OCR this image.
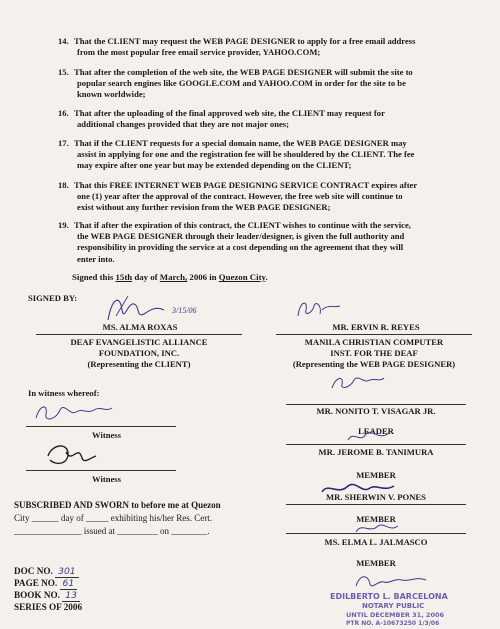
14. That the CLIENT may request the WEB PAGE DESIGNER to apply for a free email address
from the most popular free email service provider, YAHOO.COM;
15. That after the completion of the web site, the WEB PAGE DESIGNER will submit the site to
popular search engines like GOOGLE.COM and YAHOO.COM in order for the site to be
known worldwide;
16. That after the uploading of the final approved web site, the CLIENT may request for
additional changes provided that they are not major ones;
17. That if the CLIENT requests for a special domain name, the WEB PAGE DESIGNER may
assist in applying for one and the registration fee will be shouldered by the CLIENT. The fee
may expire after one year but may be extended depending on the CLIENT;
18. That this FREE INTERNET WEB PAGE DESIGNING SERVICE CONTRACT expires after
one (1) year after the approval of the contract. However, the free web site will continue to
exist without any further revision from the WEB PAGE DESIGNER;
19. That if after the expiration of this contract, the CLIENT wishes to continue with the service,
the WEB PAGE DESIGNER through their leader/designer, is given the full authority and
responsibility in providing the service at a cost depending on the agreement that they will
enter into.
Signed this 15th day of March, 2006 in Quezon City.
SIGNED BY:
3/15/06
MS. ALMA ROXAS
DEAF EVANGELISTIC ALLIANCE
FOUNDATION, INC.
(Representing the CLIENT)
MR. ERVIN R. REYES
MANILA CHRISTIAN COMPUTER
INST. FOR THE DEAF
(Representing the WEB PAGE DESIGNER)
In witness whereof:
Witness
Witness
MR. NONITO T. VISAGAR JR.
LEADER
MR. JEROME B. TANIMURA
MEMBER
MR. SHERWIN V. PONES
MEMBER
MS. ELMA L. JALMASCO
MEMBER
SUBSCRIBED AND SWORN to before me at Quezon
City ______ day of _____ exhibiting his/her Res. Cert.
_______________ issued at _________ on ________.
DOC NO. 301
PAGE NO. 61
BOOK NO. 13
SERIES OF 2006
EDILBERTO L. BARCELONA
NOTARY PUBLIC
UNTIL DECEMBER 31, 2006
PTR NO. A-10673250 1/3/06
